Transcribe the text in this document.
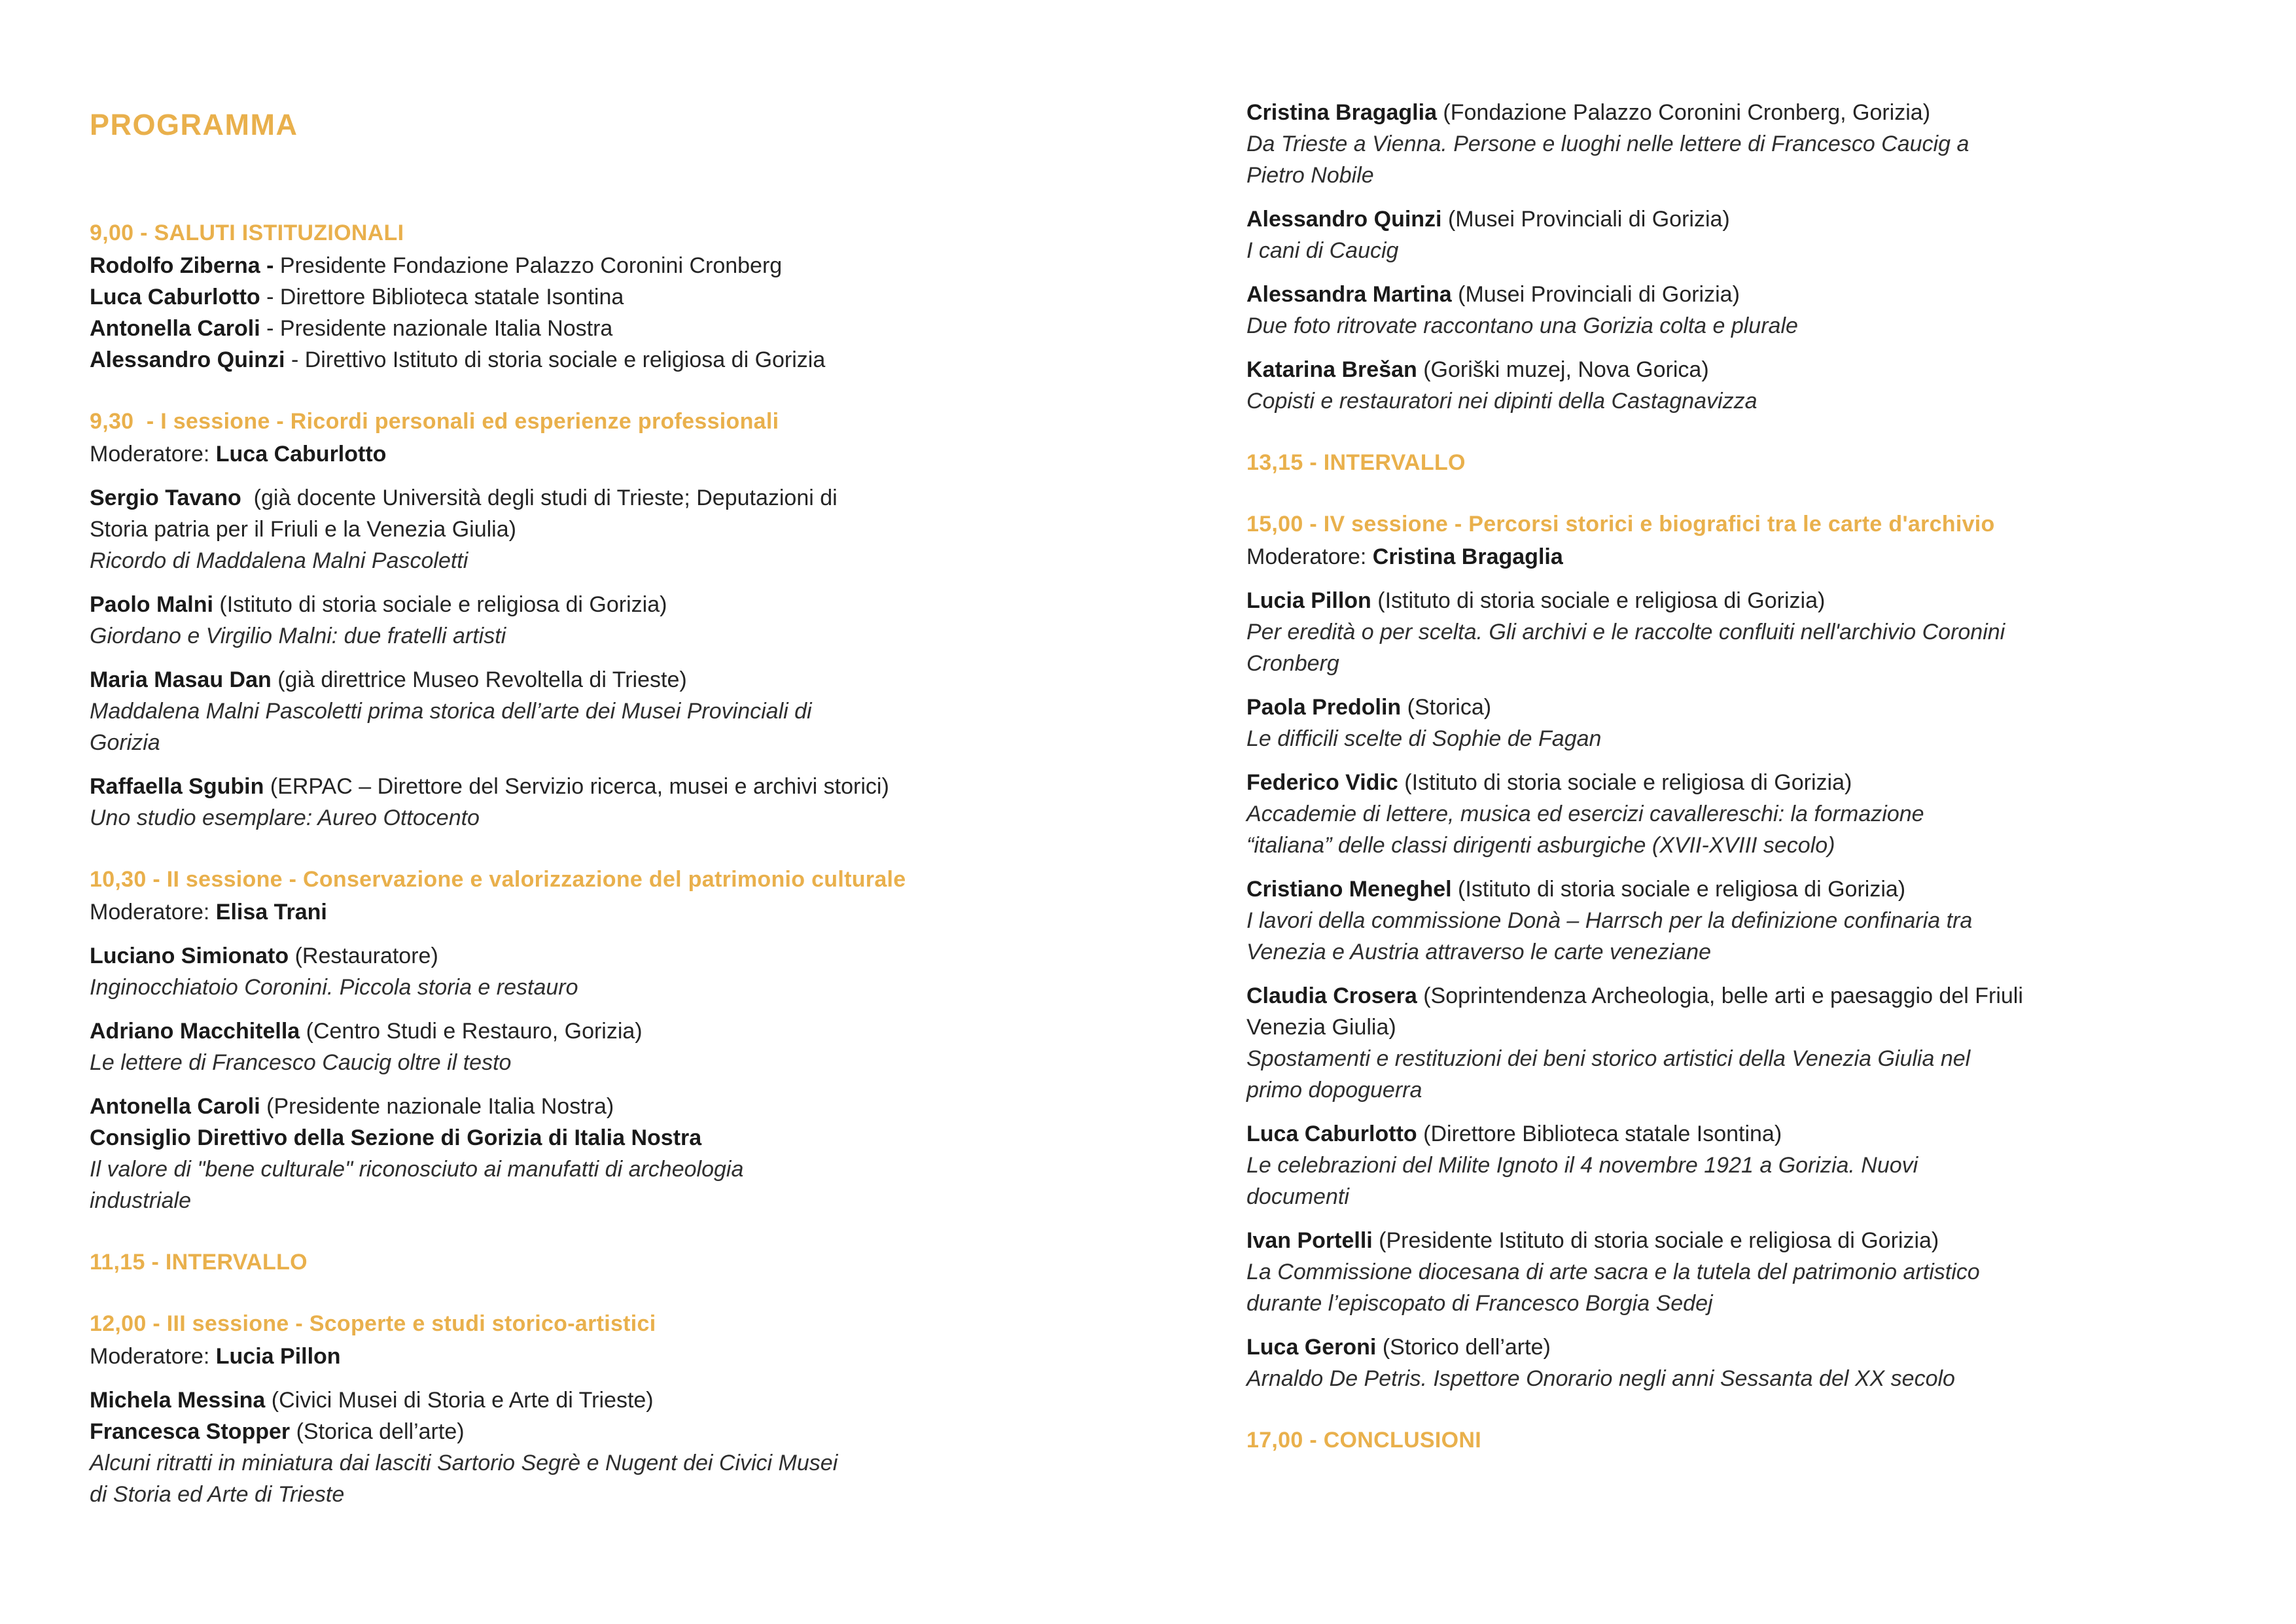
PROGRAMMA
9,00 - SALUTI ISTITUZIONALI
Rodolfo Ziberna - Presidente Fondazione Palazzo Coronini Cronberg
Luca Caburlotto - Direttore Biblioteca statale Isontina
Antonella Caroli - Presidente nazionale Italia Nostra
Alessandro Quinzi - Direttivo Istituto di storia sociale e religiosa di Gorizia
9,30  - I sessione - Ricordi personali ed esperienze professionali
Moderatore: Luca Caburlotto
Sergio Tavano  (già docente Università degli studi di Trieste; Deputazioni di
Storia patria per il Friuli e la Venezia Giulia)
Ricordo di Maddalena Malni Pascoletti
Paolo Malni (Istituto di storia sociale e religiosa di Gorizia)
Giordano e Virgilio Malni: due fratelli artisti
Maria Masau Dan (già direttrice Museo Revoltella di Trieste)
Maddalena Malni Pascoletti prima storica dell’arte dei Musei Provinciali di
Gorizia
Raffaella Sgubin (ERPAC – Direttore del Servizio ricerca, musei e archivi storici)
Uno studio esemplare: Aureo Ottocento
10,30 - II sessione - Conservazione e valorizzazione del patrimonio culturale
Moderatore: Elisa Trani
Luciano Simionato (Restauratore)
Inginocchiatoio Coronini. Piccola storia e restauro
Adriano Macchitella (Centro Studi e Restauro, Gorizia)
Le lettere di Francesco Caucig oltre il testo
Antonella Caroli (Presidente nazionale Italia Nostra)
Consiglio Direttivo della Sezione di Gorizia di Italia Nostra
Il valore di "bene culturale" riconosciuto ai manufatti di archeologia
industriale
11,15 - INTERVALLO
12,00 - III sessione - Scoperte e studi storico-artistici
Moderatore: Lucia Pillon
Michela Messina (Civici Musei di Storia e Arte di Trieste)
Francesca Stopper (Storica dell’arte)
Alcuni ritratti in miniatura dai lasciti Sartorio Segrè e Nugent dei Civici Musei
di Storia ed Arte di Trieste
Cristina Bragaglia (Fondazione Palazzo Coronini Cronberg, Gorizia)
Da Trieste a Vienna. Persone e luoghi nelle lettere di Francesco Caucig a
Pietro Nobile
Alessandro Quinzi (Musei Provinciali di Gorizia)
I cani di Caucig
Alessandra Martina (Musei Provinciali di Gorizia)
Due foto ritrovate raccontano una Gorizia colta e plurale
Katarina Brešan (Goriški muzej, Nova Gorica)
Copisti e restauratori nei dipinti della Castagnavizza
13,15 - INTERVALLO
15,00 - IV sessione - Percorsi storici e biografici tra le carte d'archivio
Moderatore: Cristina Bragaglia
Lucia Pillon (Istituto di storia sociale e religiosa di Gorizia)
Per eredità o per scelta. Gli archivi e le raccolte confluiti nell'archivio Coronini
Cronberg
Paola Predolin (Storica)
Le difficili scelte di Sophie de Fagan
Federico Vidic (Istituto di storia sociale e religiosa di Gorizia)
Accademie di lettere, musica ed esercizi cavallereschi: la formazione
“italiana” delle classi dirigenti asburgiche (XVII-XVIII secolo)
Cristiano Meneghel (Istituto di storia sociale e religiosa di Gorizia)
I lavori della commissione Donà – Harrsch per la definizione confinaria tra
Venezia e Austria attraverso le carte veneziane
Claudia Crosera (Soprintendenza Archeologia, belle arti e paesaggio del Friuli
Venezia Giulia)
Spostamenti e restituzioni dei beni storico artistici della Venezia Giulia nel
primo dopoguerra
Luca Caburlotto (Direttore Biblioteca statale Isontina)
Le celebrazioni del Milite Ignoto il 4 novembre 1921 a Gorizia. Nuovi
documenti
Ivan Portelli (Presidente Istituto di storia sociale e religiosa di Gorizia)
La Commissione diocesana di arte sacra e la tutela del patrimonio artistico
durante l’episcopato di Francesco Borgia Sedej
Luca Geroni (Storico dell’arte)
Arnaldo De Petris. Ispettore Onorario negli anni Sessanta del XX secolo
17,00 - CONCLUSIONI
